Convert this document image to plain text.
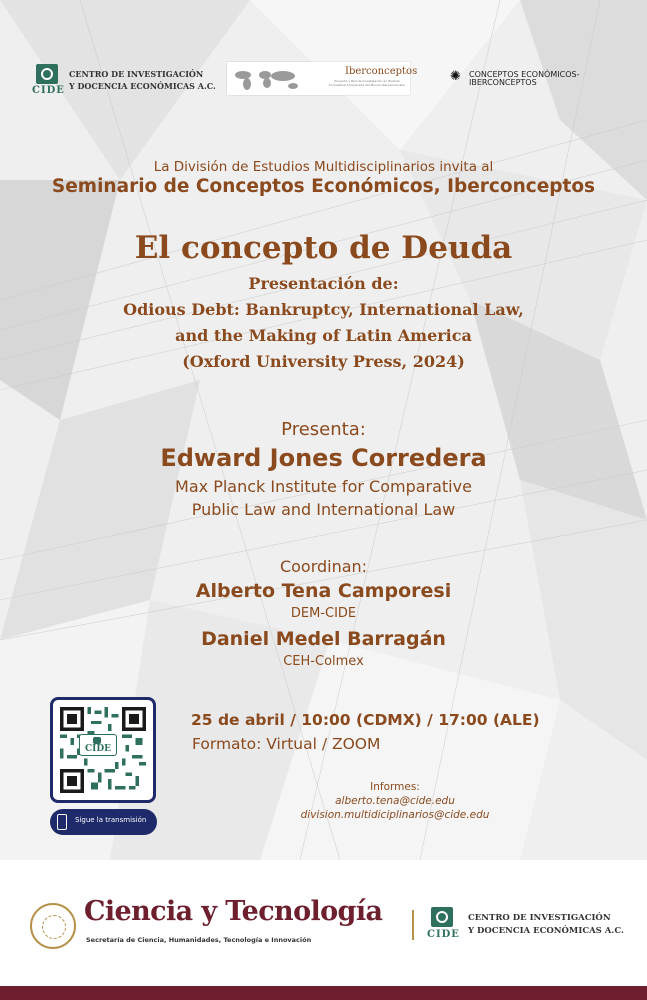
CIDE
CENTRO DE INVESTIGACIÓN
Y DOCENCIA ECONÓMICAS A.C.
Iberconceptos
Proyecto y Red de Investigación en Historia Conceptual Comparada del Mundo Iberoamericano
✺ CONCEPTOS ECONÓMICOS-
IBERCONCEPTOS
La División de Estudios Multidisciplinarios invita al
Seminario de Conceptos Económicos, Iberconceptos
El concepto de Deuda
Presentación de:
Odious Debt: Bankruptcy, International Law,
and the Making of Latin America
(Oxford University Press, 2024)
Presenta:
Edward Jones Corredera
Max Planck Institute for Comparative
Public Law and International Law
Coordinan:
Alberto Tena Camporesi
DEM-CIDE
Daniel Medel Barragán
CEH-Colmex
CIDE
Sigue la transmisión
25 de abril / 10:00 (CDMX) / 17:00 (ALE)
Formato: Virtual / ZOOM
Informes:
alberto.tena@cide.edu
division.multidiciplinarios@cide.edu
Ciencia y Tecnología
Secretaría de Ciencia, Humanidades, Tecnología e Innovación	CIDE
CENTRO DE INVESTIGACIÓN
Y DOCENCIA ECONÓMICAS A.C.
